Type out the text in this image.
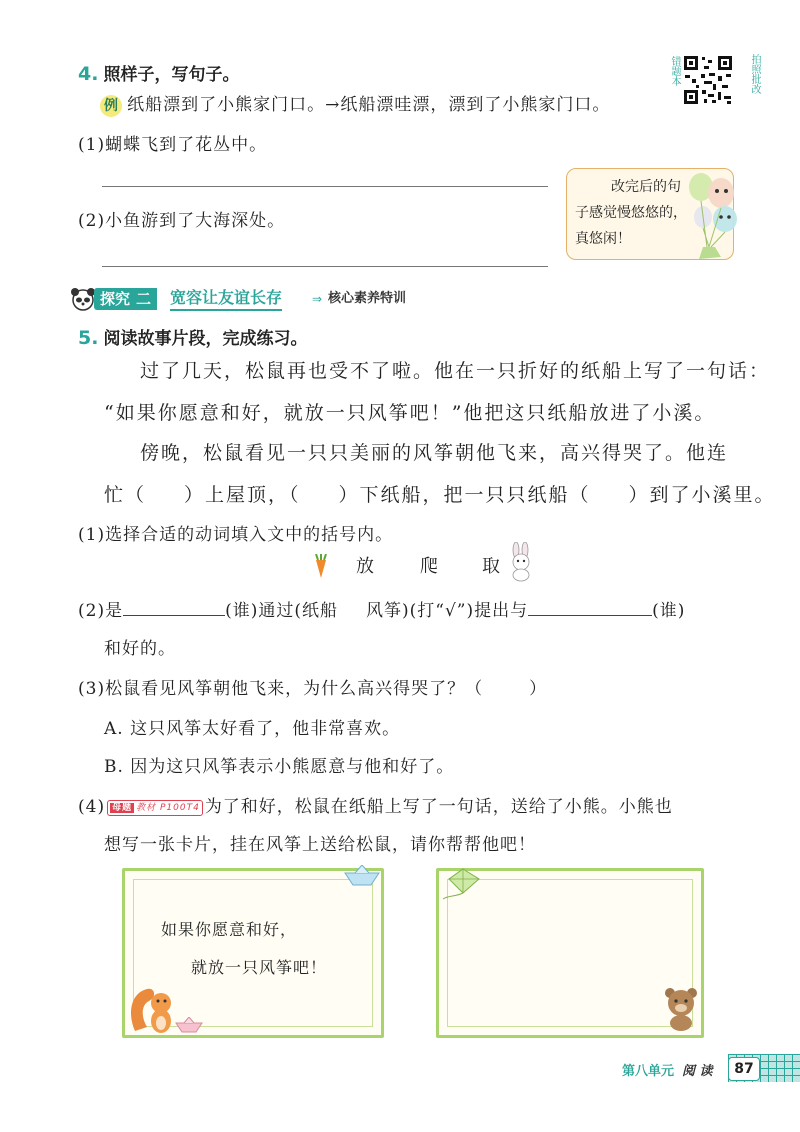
4. 照样子，写句子。	错题本	拍照批改
例 纸船漂到了小熊家门口。→纸船漂哇漂，漂到了小熊家门口。
(1)蝴蝶飞到了花丛中。
(2)小鱼游到了大海深处。
改完后的句
子感觉慢悠悠的，
真悠闲！
探究 二	宽容让友谊长存 ⇒ 核心素养特训
5. 阅读故事片段，完成练习。
过了几天，松鼠再也受不了啦。他在一只折好的纸船上写了一句话：
“如果你愿意和好，就放一只风筝吧！”他把这只纸船放进了小溪。
傍晚，松鼠看见一只只美丽的风筝朝他飞来，高兴得哭了。他连
忙（ ）上屋顶，（ ）下纸船，把一只只纸船（ ）到了小溪里。
(1)选择合适的动词填入文中的括号内。
放	爬 取
(2)是	(谁)通过(纸船 风筝)(打“√”)提出与	(谁)
和好的。
(3)松鼠看见风筝朝他飞来，为什么高兴得哭了？（	）
A. 这只风筝太好看了，他非常喜欢。
B. 因为这只风筝表示小熊愿意与他和好了。
(4) 母题 教材 P100T4 为了和好，松鼠在纸船上写了一句话，送给了小熊。小熊也
想写一张卡片，挂在风筝上送给松鼠，请你帮帮他吧！
如果你愿意和好，
就放一只风筝吧！
第八单元 阅 读	87
